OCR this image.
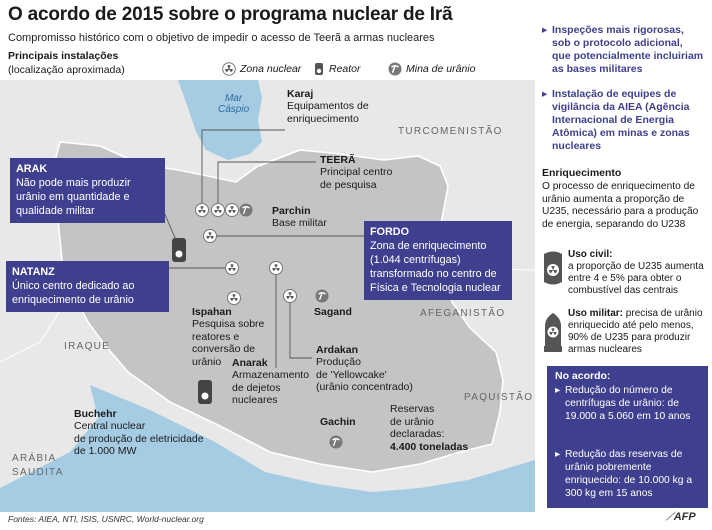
O acordo de 2015 sobre o programa nuclear de Irã
Compromisso histórico com o objetivo de impedir o acesso de Teerã a armas nucleares
Principais instalações
(localização aproximada)	Zona nuclear	Reator	Mina de urânio
Mar
Cáspio
TURCOMENISTÃO
AFEGANISTÃO
IRAQUE
PAQUISTÃO
ARÁBIA
SAUDITA
Karaj
Equipamentos de
enriquecimento
TEERÃ
Principal centro
de pesquisa
Parchin
Base militar
Ispahan
Pesquisa sobre
reatores e
conversão de
urânio
Sagand
Ardakan
Produção
de 'Yellowcake'
(urânio concentrado)
Anarak
Armazenamento
de dejetos
nucleares
Buchehr
Central nuclear
de produção de eletricidade
de 1.000 MW
Gachin
Reservas
de urânio
declaradas:
4.400 toneladas
ARAK
Não pode mais produzir urânio em quantidade e qualidade militar
NATANZ
Único centro dedicado ao enriquecimento de urânio
FORDO
Zona de enriquecimento (1.044 centrífugas) transformado no centro de Física e Tecnologia nuclear
▸ Inspeções mais rigorosas, sob o protocolo adicional, que potencialmente incluiriam as bases militares
▸ Instalação de equipes de vigilância da AIEA (Agência Internacional de Energia Atômica) em minas e zonas nucleares
Enriquecimento
O processo de enriquecimento de urânio aumenta a proporção de U235, necessário para a produção de energia, separando do U238
Uso civil:
a proporção de U235 aumenta entre 4 e 5% para obter o combustível das centrais
Uso militar: precisa de urânio enriquecido até pelo menos, 90% de U235 para produzir armas nucleares
No acordo:
▸ Redução do número de centrífugas de urânio: de 19.000 a 5.060 em 10 anos
▸ Redução das reservas de urânio pobremente enriquecido: de 10.000 kg a 300 kg em 15 anos
Fontes: AIEA, NTI, ISIS, USNRC, World-nuclear.org	⟋AFP
